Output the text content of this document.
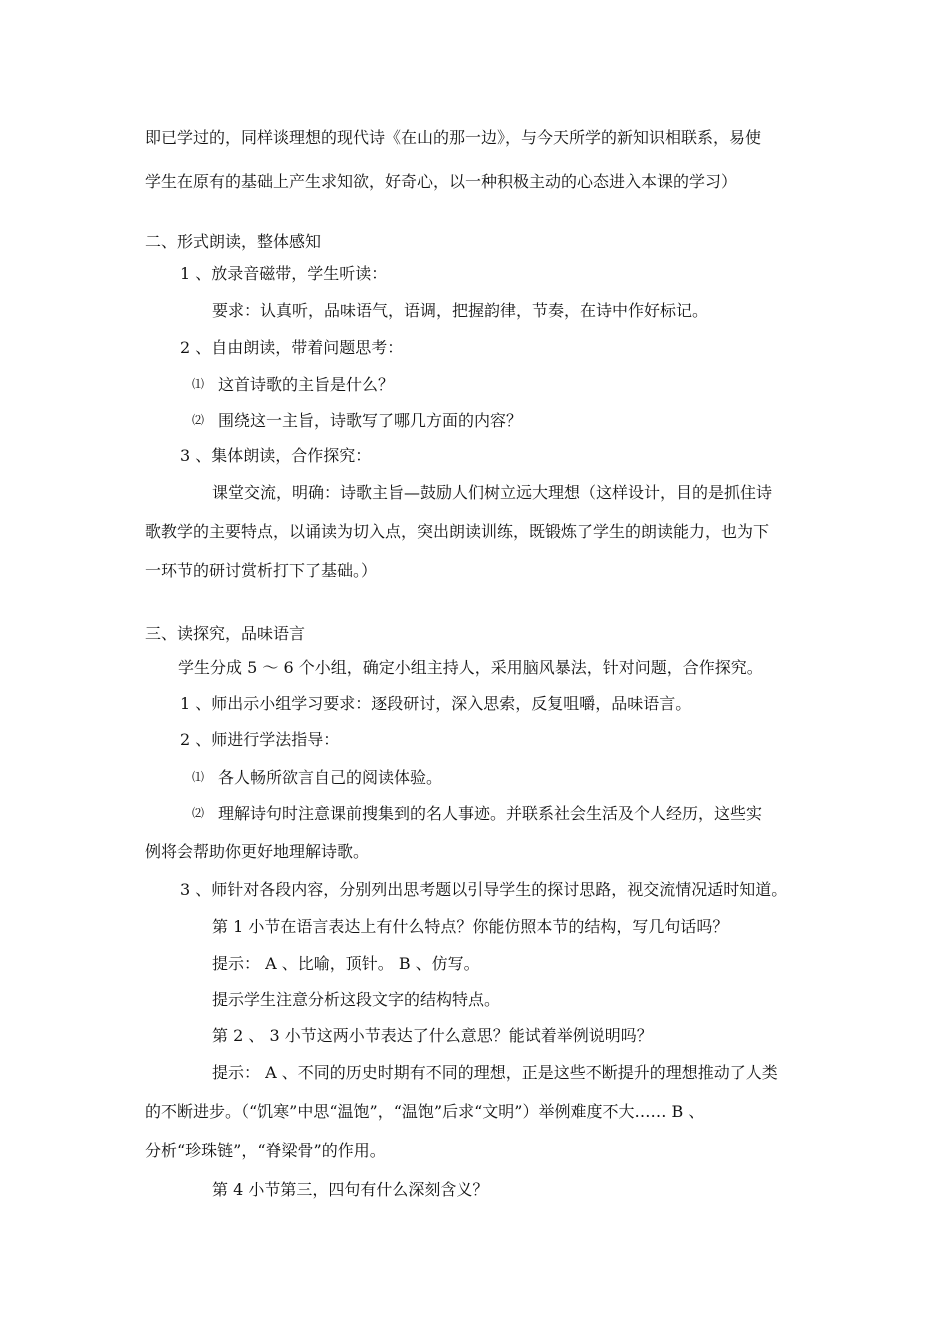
即已学过的，同样谈理想的现代诗《在山的那一边》，与今天所学的新知识相联系，易使
学生在原有的基础上产生求知欲，好奇心，以一种积极主动的心态进入本课的学习）
二、形式朗读，整体感知
1 、放录音磁带，学生听读：
要求：认真听，品味语气，语调，把握韵律，节奏，在诗中作好标记。
2 、自由朗读，带着问题思考：
⑴ 这首诗歌的主旨是什么？
⑵ 围绕这一主旨，诗歌写了哪几方面的内容？
3 、集体朗读，合作探究：
课堂交流，明确：诗歌主旨—鼓励人们树立远大理想（这样设计，目的是抓住诗
歌教学的主要特点，以诵读为切入点，突出朗读训练，既锻炼了学生的朗读能力，也为下
一环节的研讨赏析打下了基础。）
三、读探究，品味语言
学生分成 5 ～ 6 个小组，确定小组主持人，采用脑风暴法，针对问题，合作探究。
1 、师出示小组学习要求：逐段研讨，深入思索，反复咀嚼，品味语言。
2 、师进行学法指导：
⑴ 各人畅所欲言自己的阅读体验。
⑵ 理解诗句时注意课前搜集到的名人事迹。并联系社会生活及个人经历，这些实
例将会帮助你更好地理解诗歌。
3 、师针对各段内容，分别列出思考题以引导学生的探讨思路，视交流情况适时知道。
第 1 小节在语言表达上有什么特点？你能仿照本节的结构，写几句话吗？
提示： A 、比喻，顶针。 B 、仿写。
提示学生注意分析这段文字的结构特点。
第 2 、 3 小节这两小节表达了什么意思？能试着举例说明吗？
提示： A 、不同的历史时期有不同的理想，正是这些不断提升的理想推动了人类
的不断进步。（“饥寒”中思“温饱”，“温饱”后求“文明”）举例难度不大…… B 、
分析“珍珠链”，“脊梁骨”的作用。
第 4 小节第三，四句有什么深刻含义？
